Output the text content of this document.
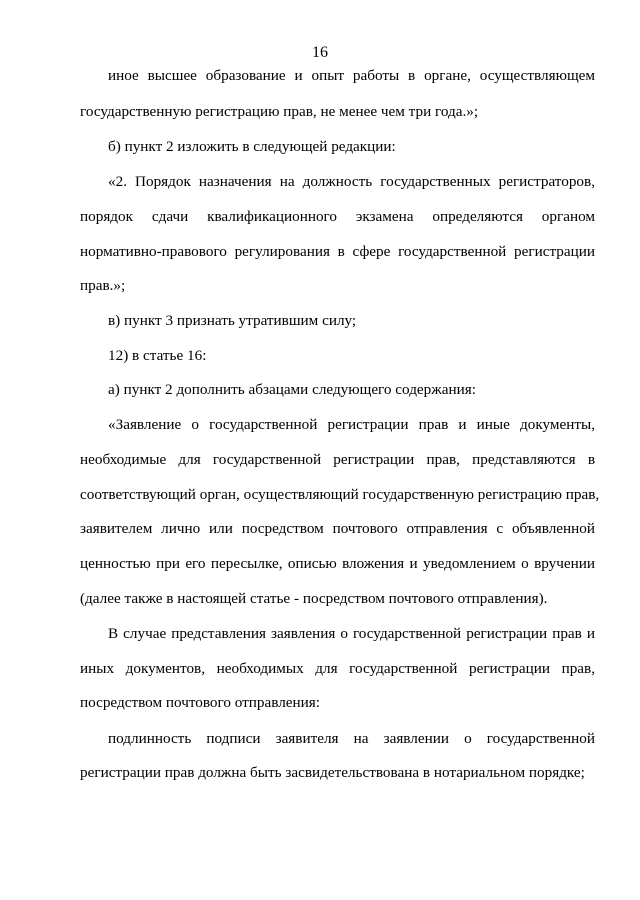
16
иное высшее образование и опыт работы в органе, осуществляющем
государственную регистрацию прав, не менее чем три года.»;
б) пункт 2 изложить в следующей редакции:
«2. Порядок назначения на должность государственных регистраторов,
порядок сдачи квалификационного экзамена определяются органом
нормативно-правового регулирования в сфере государственной регистрации
прав.»;
в) пункт 3 признать утратившим силу;
12) в статье 16:
а) пункт 2 дополнить абзацами следующего содержания:
«Заявление о государственной регистрации прав и иные документы,
необходимые для государственной регистрации прав, представляются в
соответствующий орган, осуществляющий государственную регистрацию прав,
заявителем лично или посредством почтового отправления с объявленной
ценностью при его пересылке, описью вложения и уведомлением о вручении
(далее также в настоящей статье - посредством почтового отправления).
В случае представления заявления о государственной регистрации прав и
иных документов, необходимых для государственной регистрации прав,
посредством почтового отправления:
подлинность подписи заявителя на заявлении о государственной
регистрации прав должна быть засвидетельствована в нотариальном порядке;
